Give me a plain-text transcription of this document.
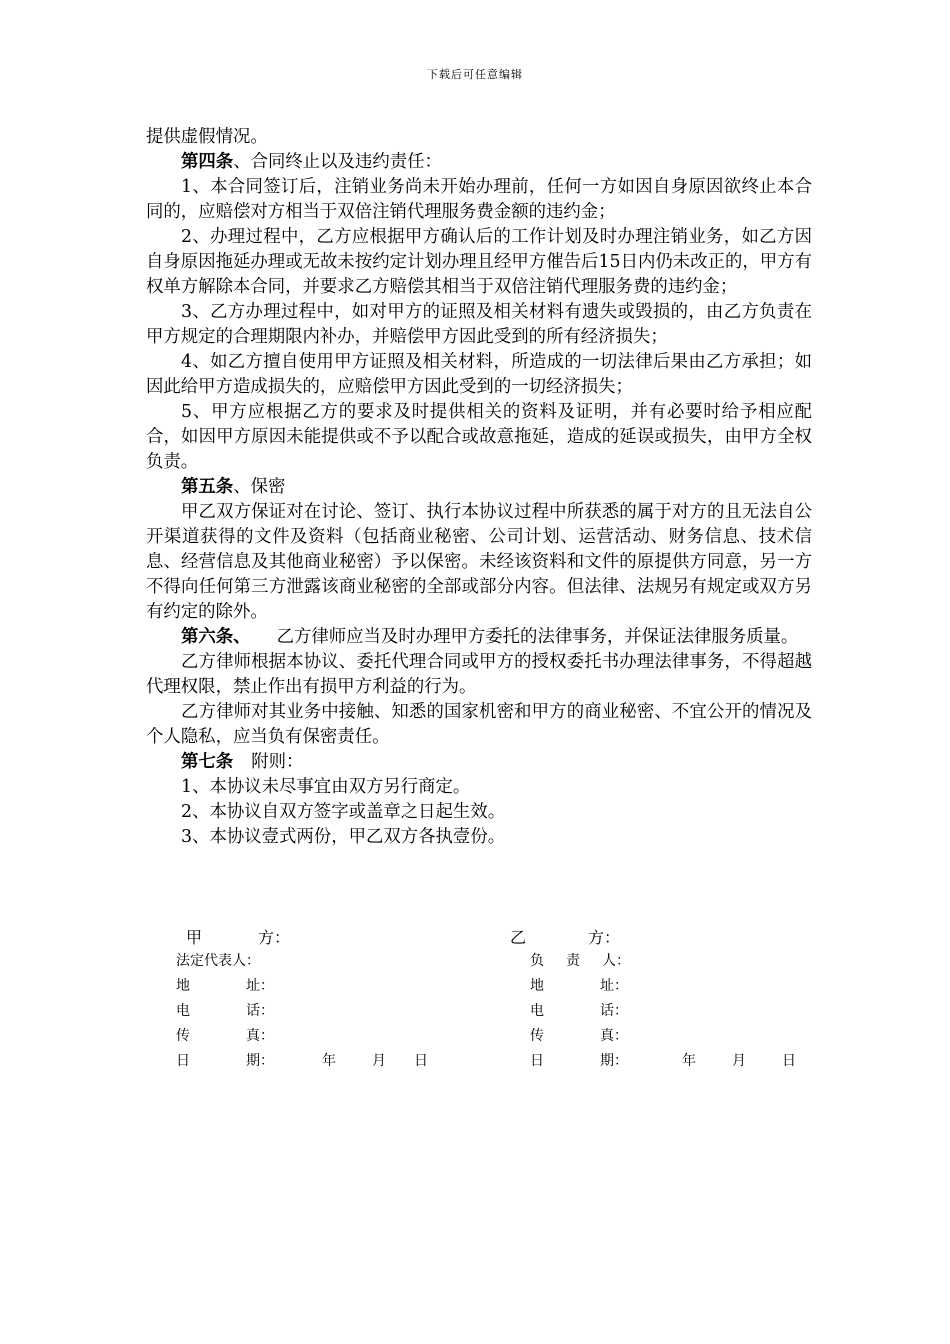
下载后可任意编辑

提供虚假情况。

第四条、合同终止以及违约责任：

1、本合同签订后，注销业务尚未开始办理前，任何一方如因自身原因欲终止本合同的，应赔偿对方相当于双倍注销代理服务费金额的违约金；

2、办理过程中，乙方应根据甲方确认后的工作计划及时办理注销业务，如乙方因自身原因拖延办理或无故未按约定计划办理且经甲方催告后15日内仍未改正的，甲方有权单方解除本合同，并要求乙方赔偿其相当于双倍注销代理服务费的违约金；

3、乙方办理过程中，如对甲方的证照及相关材料有遗失或毁损的，由乙方负责在甲方规定的合理期限内补办，并赔偿甲方因此受到的所有经济损失；

4、如乙方擅自使用甲方证照及相关材料，所造成的一切法律后果由乙方承担；如因此给甲方造成损失的，应赔偿甲方因此受到的一切经济损失；

5、甲方应根据乙方的要求及时提供相关的资料及证明，并有必要时给予相应配合，如因甲方原因未能提供或不予以配合或故意拖延，造成的延误或损失，由甲方全权负责。

第五条、保密

甲乙双方保证对在讨论、签订、执行本协议过程中所获悉的属于对方的且无法自公开渠道获得的文件及资料（包括商业秘密、公司计划、运营活动、财务信息、技术信息、经营信息及其他商业秘密）予以保密。未经该资料和文件的原提供方同意，另一方不得向任何第三方泄露该商业秘密的全部或部分内容。但法律、法规另有规定或双方另有约定的除外。

第六条、 乙方律师应当及时办理甲方委托的法律事务，并保证法律服务质量。

乙方律师根据本协议、委托代理合同或甲方的授权委托书办理法律事务，不得超越代理权限，禁止作出有损甲方利益的行为。

乙方律师对其业务中接触、知悉的国家机密和甲方的商业秘密、不宜公开的情况及个人隐私，应当负有保密责任。

第七条 附则：

1、本协议未尽事宜由双方另行商定。

2、本协议自双方签字或盖章之日起生效。

3、本协议壹式两份，甲乙双方各执壹份。

甲	方：
法定代表人：
地	址：
电	话：
传	真：
日	期：	年	月 日
乙	方：
负 责 人：
地	址：
电	话：
传	真：
日	期：	年	月	日
